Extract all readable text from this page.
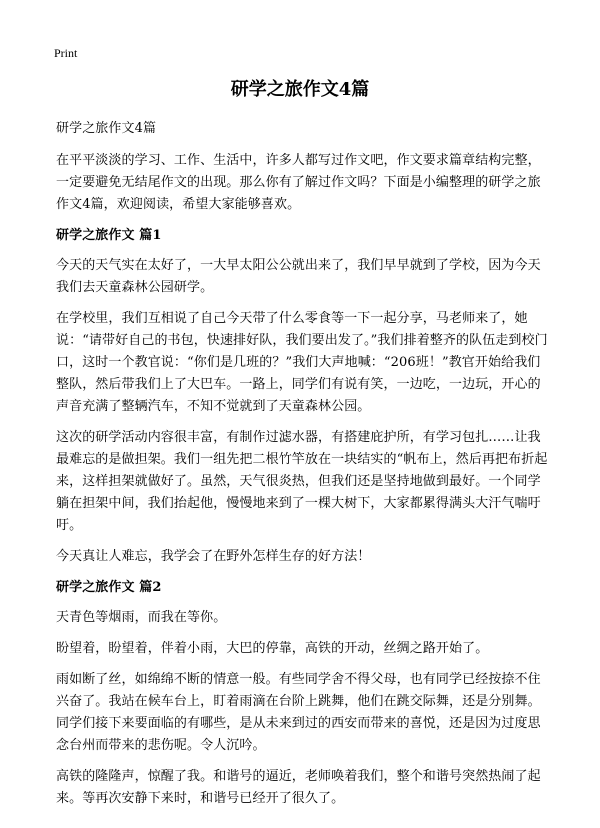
Print
研学之旅作文4篇

研学之旅作文4篇

在平平淡淡的学习、工作、生活中，许多人都写过作文吧，作文要求篇章结构完整，一定要避免无结尾作文的出现。那么你有了解过作文吗？下面是小编整理的研学之旅作文4篇，欢迎阅读，希望大家能够喜欢。

研学之旅作文 篇1

今天的天气实在太好了，一大早太阳公公就出来了，我们早早就到了学校，因为今天我们去天童森林公园研学。

在学校里，我们互相说了自己今天带了什么零食等一下一起分享，马老师来了，她说：“请带好自己的书包，快速排好队，我们要出发了。”我们排着整齐的队伍走到校门口，这时一个教官说：“你们是几班的？”我们大声地喊：“206班！”教官开始给我们整队，然后带我们上了大巴车。一路上，同学们有说有笑，一边吃，一边玩，开心的声音充满了整辆汽车，不知不觉就到了天童森林公园。

这次的研学活动内容很丰富，有制作过滤水器，有搭建庇护所，有学习包扎……让我最难忘的是做担架。我们一组先把二根竹竿放在一块结实的“帆布上，然后再把布折起来，这样担架就做好了。虽然，天气很炎热，但我们还是坚持地做到最好。一个同学躺在担架中间，我们抬起他，慢慢地来到了一棵大树下，大家都累得满头大汗气喘吁吁。

今天真让人难忘，我学会了在野外怎样生存的好方法！

研学之旅作文 篇2

天青色等烟雨，而我在等你。

盼望着，盼望着，伴着小雨，大巴的停靠，高铁的开动，丝绸之路开始了。

雨如断了丝，如绵绵不断的情意一般。有些同学舍不得父母，也有同学已经按捺不住兴奋了。我站在候车台上，盯着雨滴在台阶上跳舞，他们在跳交际舞，还是分别舞。同学们接下来要面临的有哪些，是从未来到过的西安而带来的喜悦，还是因为过度思念台州而带来的悲伤呢。令人沉吟。

高铁的隆隆声，惊醒了我。和谐号的逼近，老师唤着我们，整个和谐号突然热闹了起来。等再次安静下来时，和谐号已经开了很久了。
